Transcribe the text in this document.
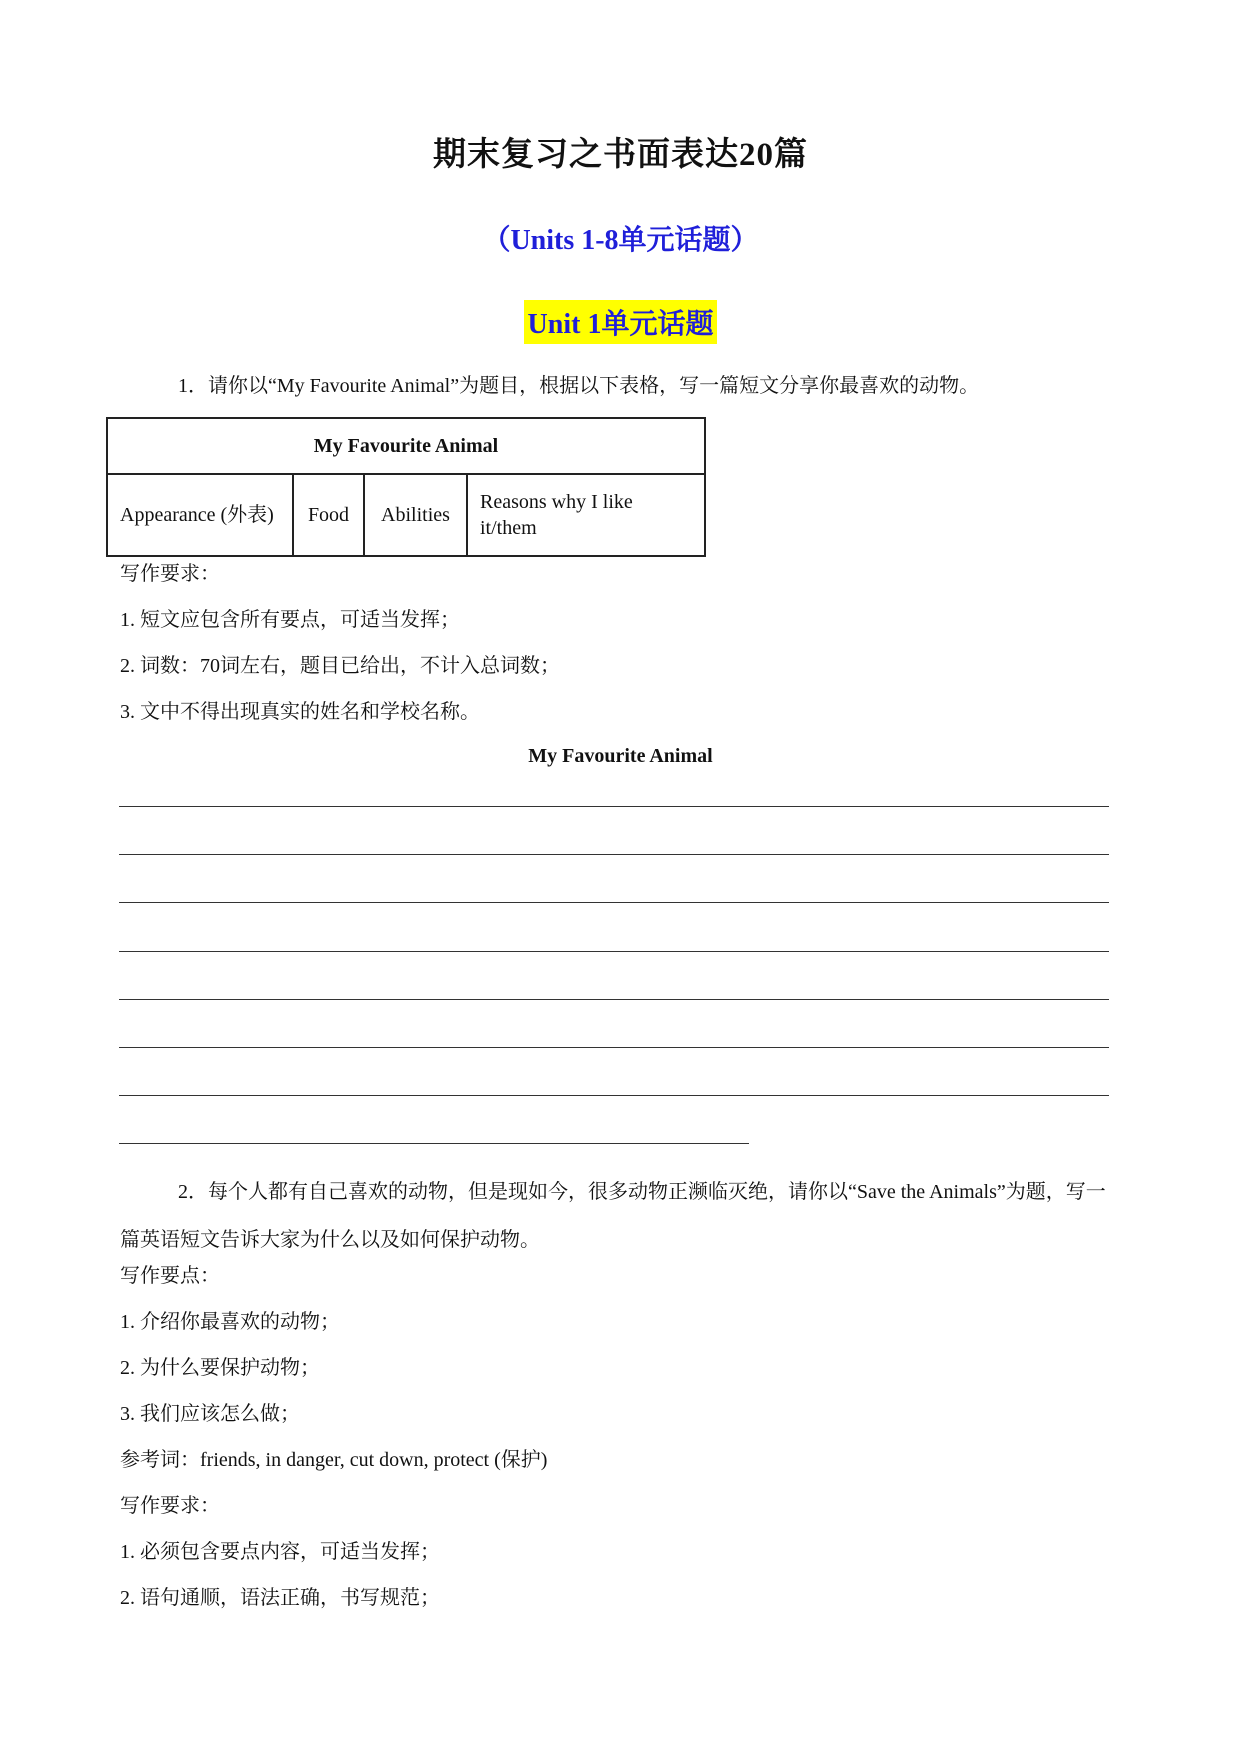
期末复习之书面表达20篇
（Units 1-8单元话题）
Unit 1单元话题
1．请你以“My Favourite Animal”为题目，根据以下表格，写一篇短文分享你最喜欢的动物。
My Favourite Animal
Appearance (外表)	Food	Abilities	Reasons why I like it/them
写作要求：
1. 短文应包含所有要点，可适当发挥；
2. 词数：70词左右，题目已给出，不计入总词数；
3. 文中不得出现真实的姓名和学校名称。
My Favourite Animal
2．每个人都有自己喜欢的动物，但是现如今，很多动物正濒临灭绝，请你以“Save the Animals”为题，写一篇英语短文告诉大家为什么以及如何保护动物。
写作要点：
1. 介绍你最喜欢的动物；
2. 为什么要保护动物；
3. 我们应该怎么做；
参考词：friends, in danger, cut down, protect (保护)
写作要求：
1. 必须包含要点内容，可适当发挥；
2. 语句通顺，语法正确，书写规范；
